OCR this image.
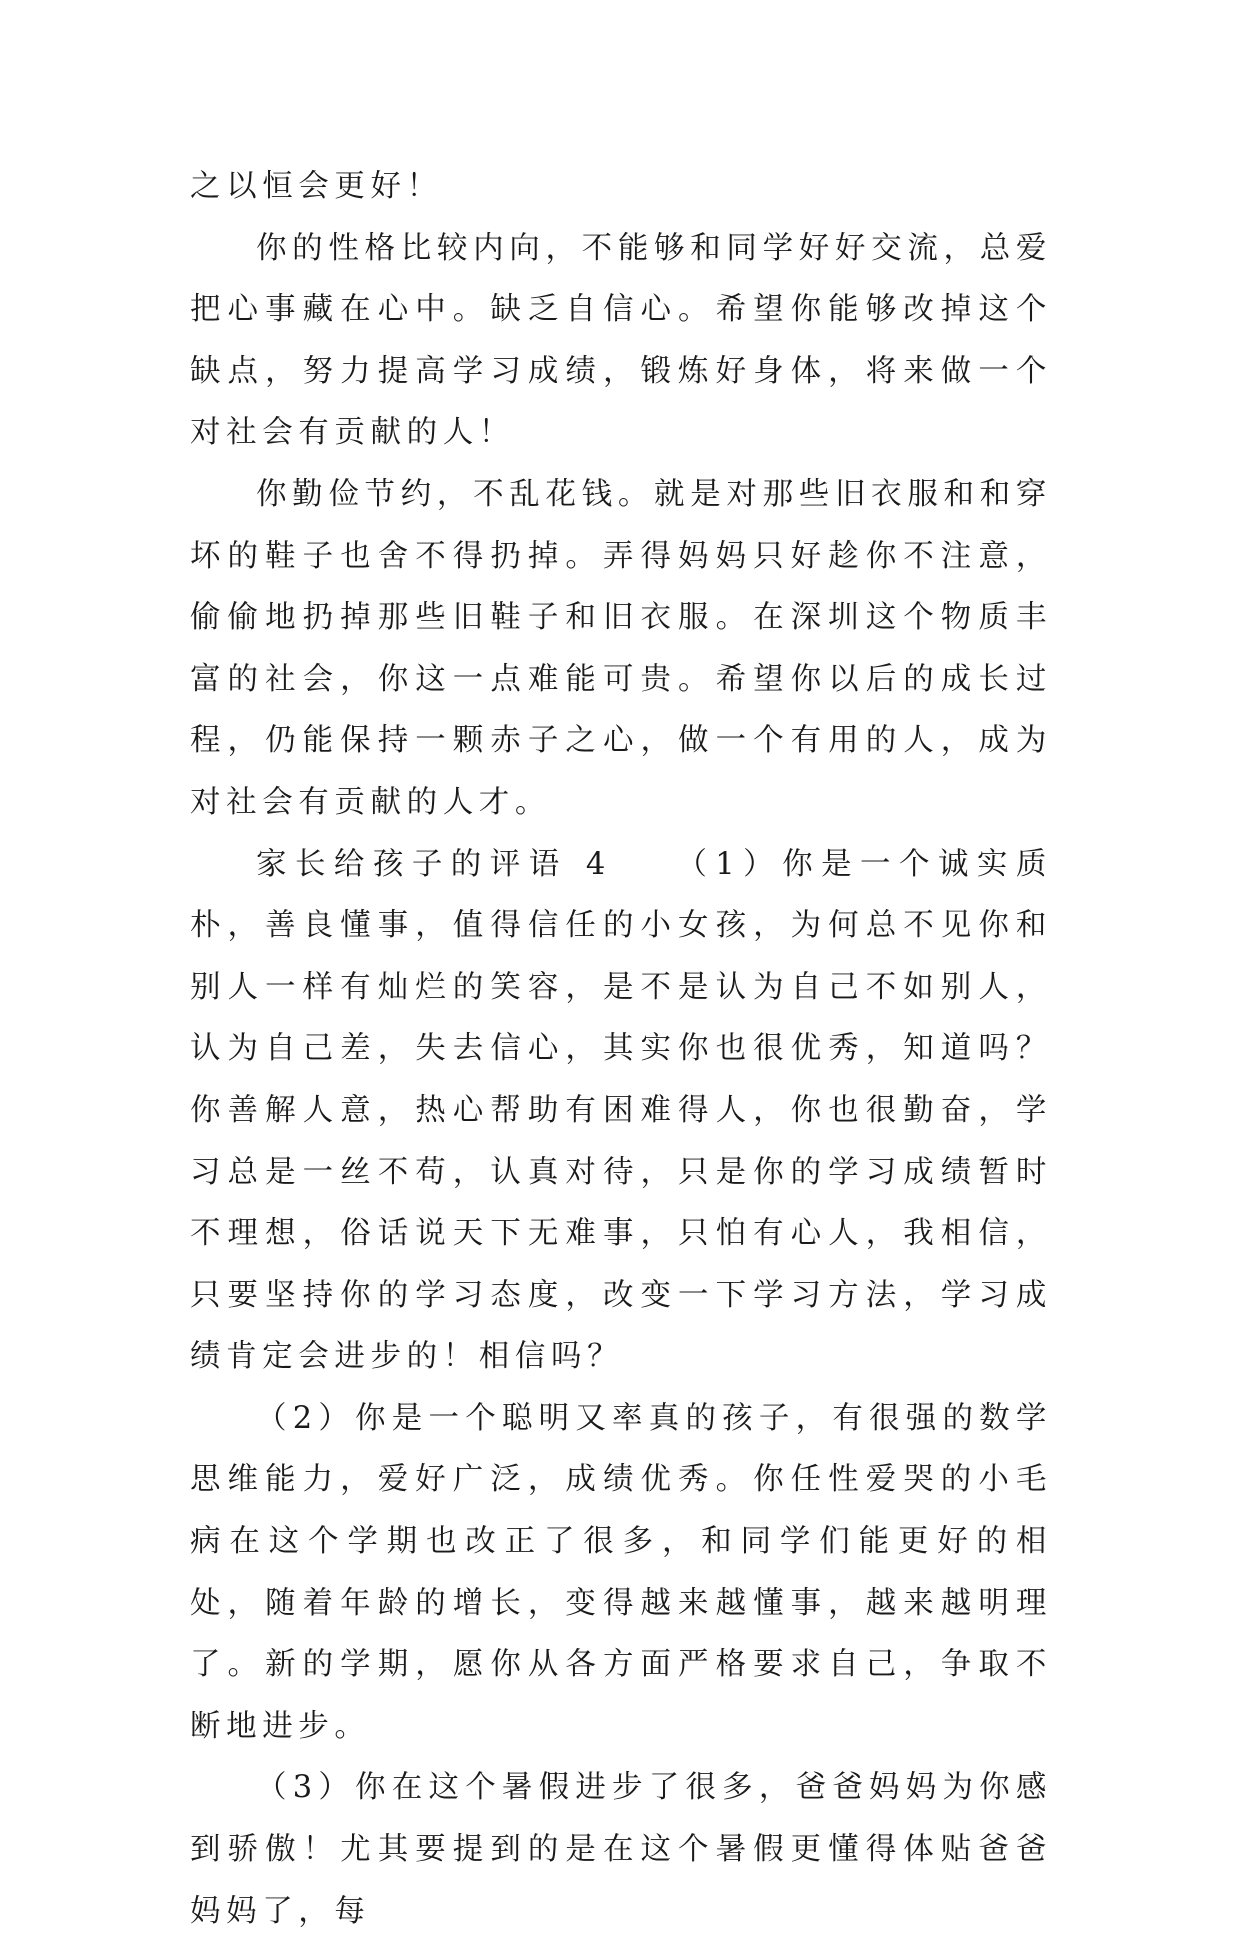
之以恒会更好！

你的性格比较内向，不能够和同学好好交流，总爱把心事藏在心中。缺乏自信心。希望你能够改掉这个缺点，努力提高学习成绩，锻炼好身体，将来做一个对社会有贡献的人！

你勤俭节约，不乱花钱。就是对那些旧衣服和和穿坏的鞋子也舍不得扔掉。弄得妈妈只好趁你不注意，偷偷地扔掉那些旧鞋子和旧衣服。在深圳这个物质丰富的社会，你这一点难能可贵。希望你以后的成长过程，仍能保持一颗赤子之心，做一个有用的人，成为对社会有贡献的人才。

家长给孩子的评语 4　　（1）你是一个诚实质朴，善良懂事，值得信任的小女孩，为何总不见你和别人一样有灿烂的笑容，是不是认为自己不如别人，认为自己差，失去信心，其实你也很优秀，知道吗？你善解人意，热心帮助有困难得人，你也很勤奋，学习总是一丝不苟，认真对待，只是你的学习成绩暂时不理想，俗话说天下无难事，只怕有心人，我相信，只要坚持你的学习态度，改变一下学习方法，学习成绩肯定会进步的！相信吗？

（2）你是一个聪明又率真的孩子，有很强的数学思维能力，爱好广泛，成绩优秀。你任性爱哭的小毛病在这个学期也改正了很多，和同学们能更好的相处，随着年龄的增长，变得越来越懂事，越来越明理了。新的学期，愿你从各方面严格要求自己，争取不断地进步。

（3）你在这个暑假进步了很多，爸爸妈妈为你感到骄傲！尤其要提到的是在这个暑假更懂得体贴爸爸妈妈了，每
